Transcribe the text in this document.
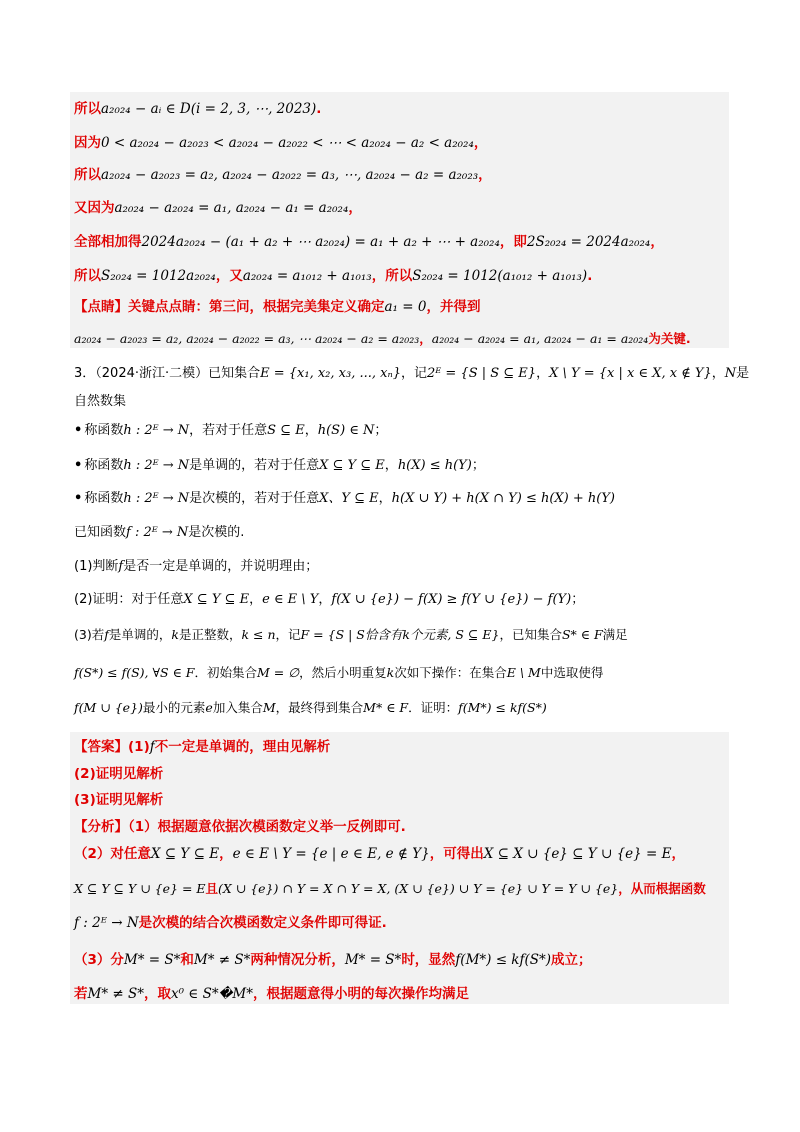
所以a₂₀₂₄ − aᵢ ∈ D(i = 2, 3, ⋯, 2023).
因为0 < a₂₀₂₄ − a₂₀₂₃ < a₂₀₂₄ − a₂₀₂₂ < ⋯ < a₂₀₂₄ − a₂ < a₂₀₂₄，
所以a₂₀₂₄ − a₂₀₂₃ = a₂, a₂₀₂₄ − a₂₀₂₂ = a₃, ⋯, a₂₀₂₄ − a₂ = a₂₀₂₃，
又因为a₂₀₂₄ − a₂₀₂₄ = a₁, a₂₀₂₄ − a₁ = a₂₀₂₄，
全部相加得2024a₂₀₂₄ − (a₁ + a₂ + ⋯ a₂₀₂₄) = a₁ + a₂ + ⋯ + a₂₀₂₄，即2S₂₀₂₄ = 2024a₂₀₂₄，
所以S₂₀₂₄ = 1012a₂₀₂₄，又a₂₀₂₄ = a₁₀₁₂ + a₁₀₁₃，所以S₂₀₂₄ = 1012(a₁₀₁₂ + a₁₀₁₃).
【点睛】关键点点睛：第三问，根据完美集定义确定a₁ = 0，并得到
a₂₀₂₄ − a₂₀₂₃ = a₂, a₂₀₂₄ − a₂₀₂₂ = a₃, ⋯ a₂₀₂₄ − a₂ = a₂₀₂₃，a₂₀₂₄ − a₂₀₂₄ = a₁, a₂₀₂₄ − a₁ = a₂₀₂₄为关键.
3．（2024·浙江·二模）已知集合E = {x₁, x₂, x₃, ..., xₙ}，记2ᴱ = {S | S ⊆ E}，X \ Y = {x | x ∈ X, x ∉ Y}，N是
自然数集
• 称函数h : 2ᴱ → N，若对于任意S ⊆ E，h(S) ∈ N；
• 称函数h : 2ᴱ → N是单调的，若对于任意X ⊆ Y ⊆ E，h(X) ≤ h(Y)；
• 称函数h : 2ᴱ → N是次模的，若对于任意X、Y ⊆ E，h(X ∪ Y) + h(X ∩ Y) ≤ h(X) + h(Y)
已知函数f : 2ᴱ → N是次模的.
(1)判断f是否一定是单调的，并说明理由；
(2)证明：对于任意X ⊆ Y ⊆ E，e ∈ E \ Y，f(X ∪ {e}) − f(X) ≥ f(Y ∪ {e}) − f(Y)；
(3)若f是单调的，k是正整数，k ≤ n，记F = {S | S恰含有k个元素, S ⊆ E}，已知集合S* ∈ F满足
f(S*) ≤ f(S), ∀S ∈ F．初始集合M = ∅，然后小明重复k次如下操作：在集合E \ M中选取使得
f(M ∪ {e})最小的元素e加入集合M，最终得到集合M* ∈ F．证明：f(M*) ≤ kf(S*)
【答案】(1)f不一定是单调的，理由见解析
(2)证明见解析
(3)证明见解析
【分析】（1）根据题意依据次模函数定义举一反例即可.
（2）对任意X ⊆ Y ⊆ E，e ∈ E \ Y = {e | e ∈ E, e ∉ Y}，可得出X ⊆ X ∪ {e} ⊆ Y ∪ {e} = E，
X ⊆ Y ⊆ Y ∪ {e} = E且(X ∪ {e}) ∩ Y = X ∩ Y = X, (X ∪ {e}) ∪ Y = {e} ∪ Y = Y ∪ {e}，从而根据函数
f : 2ᴱ → N是次模的结合次模函数定义条件即可得证.
（3）分M* = S*和M* ≠ S*两种情况分析，M* = S*时，显然f(M*) ≤ kf(S*)成立；
若M* ≠ S*，取x⁰ ∈ S*�M*，根据题意得小明的每次操作均满足
